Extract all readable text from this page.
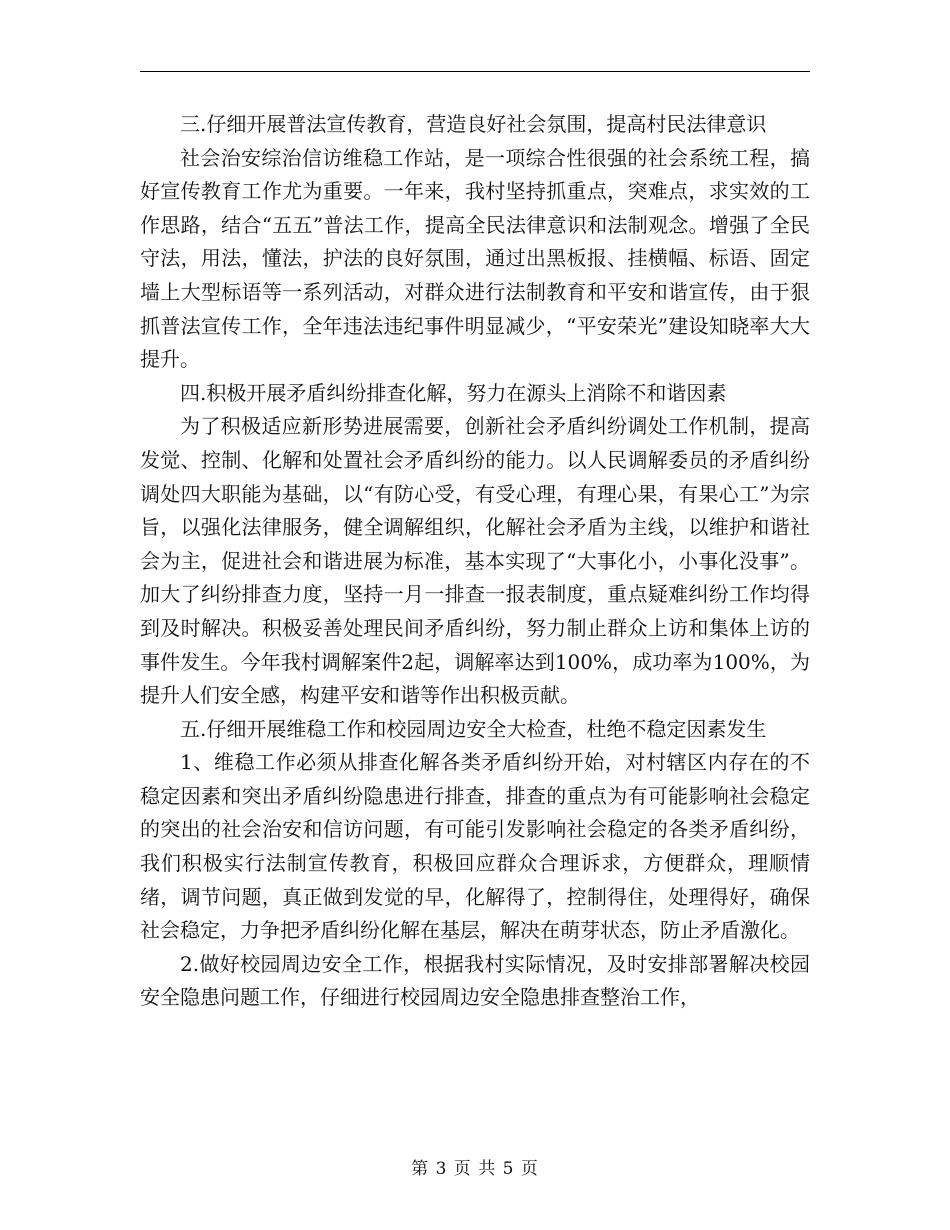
三.仔细开展普法宣传教育，营造良好社会氛围，提高村民法律意识

社会治安综治信访维稳工作站，是一项综合性很强的社会系统工程，搞好宣传教育工作尤为重要。一年来，我村坚持抓重点，突难点，求实效的工作思路，结合“五五”普法工作，提高全民法律意识和法制观念。增强了全民守法，用法，懂法，护法的良好氛围，通过出黑板报、挂横幅、标语、固定墙上大型标语等一系列活动，对群众进行法制教育和平安和谐宣传，由于狠抓普法宣传工作，全年违法违纪事件明显减少，“平安荣光”建设知晓率大大提升。

四.积极开展矛盾纠纷排查化解，努力在源头上消除不和谐因素

为了积极适应新形势进展需要，创新社会矛盾纠纷调处工作机制，提高发觉、控制、化解和处置社会矛盾纠纷的能力。以人民调解委员的矛盾纠纷调处四大职能为基础，以“有防心受，有受心理，有理心果，有果心工”为宗旨，以强化法律服务，健全调解组织，化解社会矛盾为主线，以维护和谐社会为主，促进社会和谐进展为标准，基本实现了“大事化小，小事化没事”。加大了纠纷排查力度，坚持一月一排查一报表制度，重点疑难纠纷工作均得到及时解决。积极妥善处理民间矛盾纠纷，努力制止群众上访和集体上访的事件发生。今年我村调解案件2起，调解率达到100%，成功率为100%，为提升人们安全感，构建平安和谐等作出积极贡献。

五.仔细开展维稳工作和校园周边安全大检查，杜绝不稳定因素发生

1、维稳工作必须从排查化解各类矛盾纠纷开始，对村辖区内存在的不稳定因素和突出矛盾纠纷隐患进行排查，排查的重点为有可能影响社会稳定的突出的社会治安和信访问题，有可能引发影响社会稳定的各类矛盾纠纷，我们积极实行法制宣传教育，积极回应群众合理诉求，方便群众，理顺情绪，调节问题，真正做到发觉的早，化解得了，控制得住，处理得好，确保社会稳定，力争把矛盾纠纷化解在基层，解决在萌芽状态，防止矛盾激化。

2.做好校园周边安全工作，根据我村实际情况，及时安排部署解决校园安全隐患问题工作，仔细进行校园周边安全隐患排查整治工作，

第 3 页 共 5 页
